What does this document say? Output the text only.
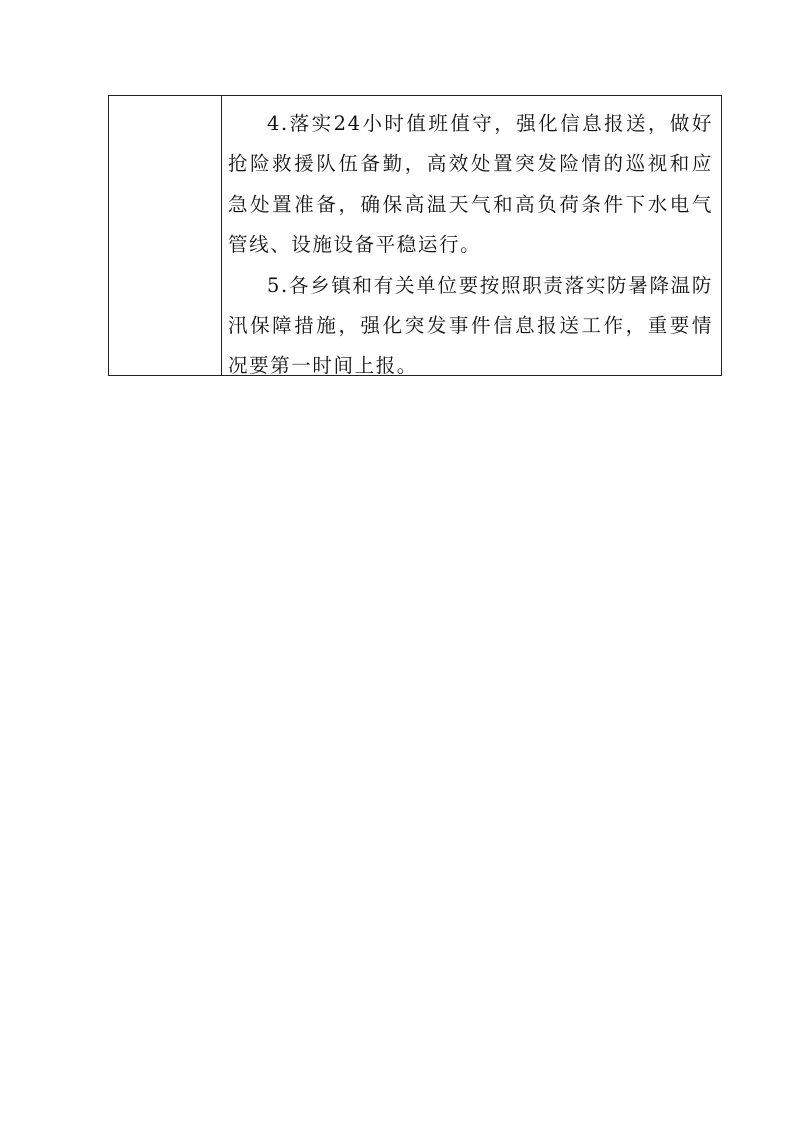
4.落实24小时值班值守，强化信息报送，做好抢险救援队伍备勤，高效处置突发险情的巡视和应急处置准备，确保高温天气和高负荷条件下水电气管线、设施设备平稳运行。

5.各乡镇和有关单位要按照职责落实防暑降温防汛保障措施，强化突发事件信息报送工作，重要情况要第一时间上报。
